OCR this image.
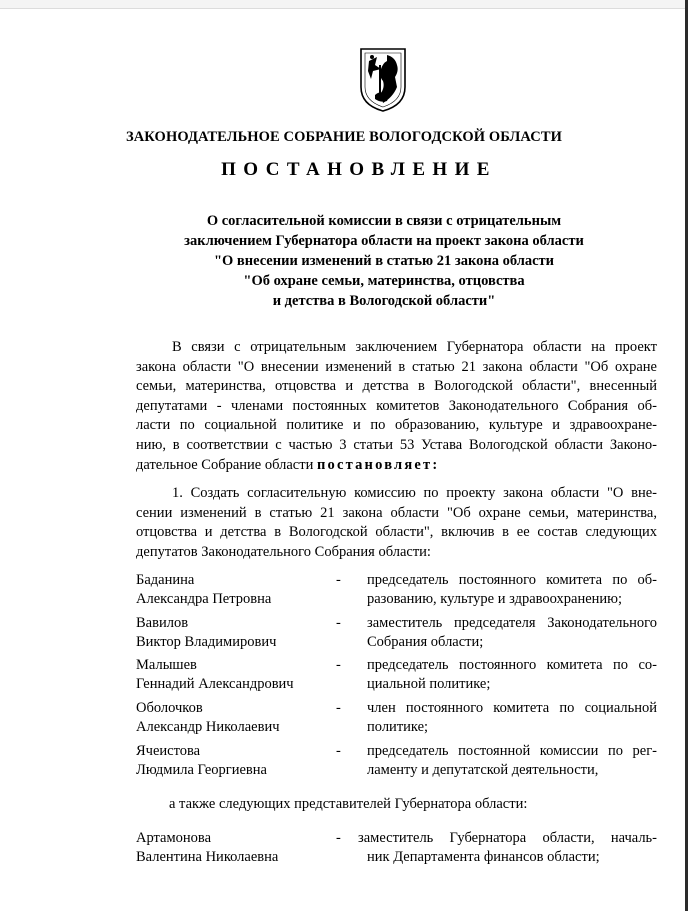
ЗАКОНОДАТЕЛЬНОЕ СОБРАНИЕ ВОЛОГОДСКОЙ ОБЛАСТИ
ПОСТАНОВЛЕНИЕ
О согласительной комиссии в связи с отрицательным
заключением Губернатора области на проект закона области
"О внесении изменений в статью 21 закона области
"Об охране семьи, материнства, отцовства
и детства в Вологодской области"
В связи с отрицательным заключением Губернатора области на проект
закона области "О внесении изменений в статью 21 закона области "Об охране
семьи, материнства, отцовства и детства в Вологодской области", внесенный
депутатами - членами постоянных комитетов Законодательного Собрания об-
ласти по социальной политике и по образованию, культуре и здравоохране-
нию, в соответствии с частью 3 статьи 53 Устава Вологодской области Законо-
дательное Собрание области постановляет:
1. Создать согласительную комиссию по проекту закона области "О внe-
сении изменений в статью 21 закона области "Об охране семьи, материнства,
отцовства и детства в Вологодской области", включив в ее состав следующих
депутатов Законодательного Собрания области:
Баданина
Александра Петровна
- председатель постоянного комитета по об-
разованию, культуре и здравоохранению;
Вавилов
Виктор Владимирович
- заместитель председателя Законодательного
Собрания области;
Малышев
Геннадий Александрович
- председатель постоянного комитета по со-
циальной политике;
Оболочков
Александр Николаевич
- член постоянного комитета по социальной
политике;
Ячеистова
Людмила Георгиевна
- председатель постоянной комиссии по рег-
ламенту и депутатской деятельности,
а также следующих представителей Губернатора области:
Артамонова
Валентина Николаевна
- заместитель Губернатора области, началь-
ник Департамента финансов области;
